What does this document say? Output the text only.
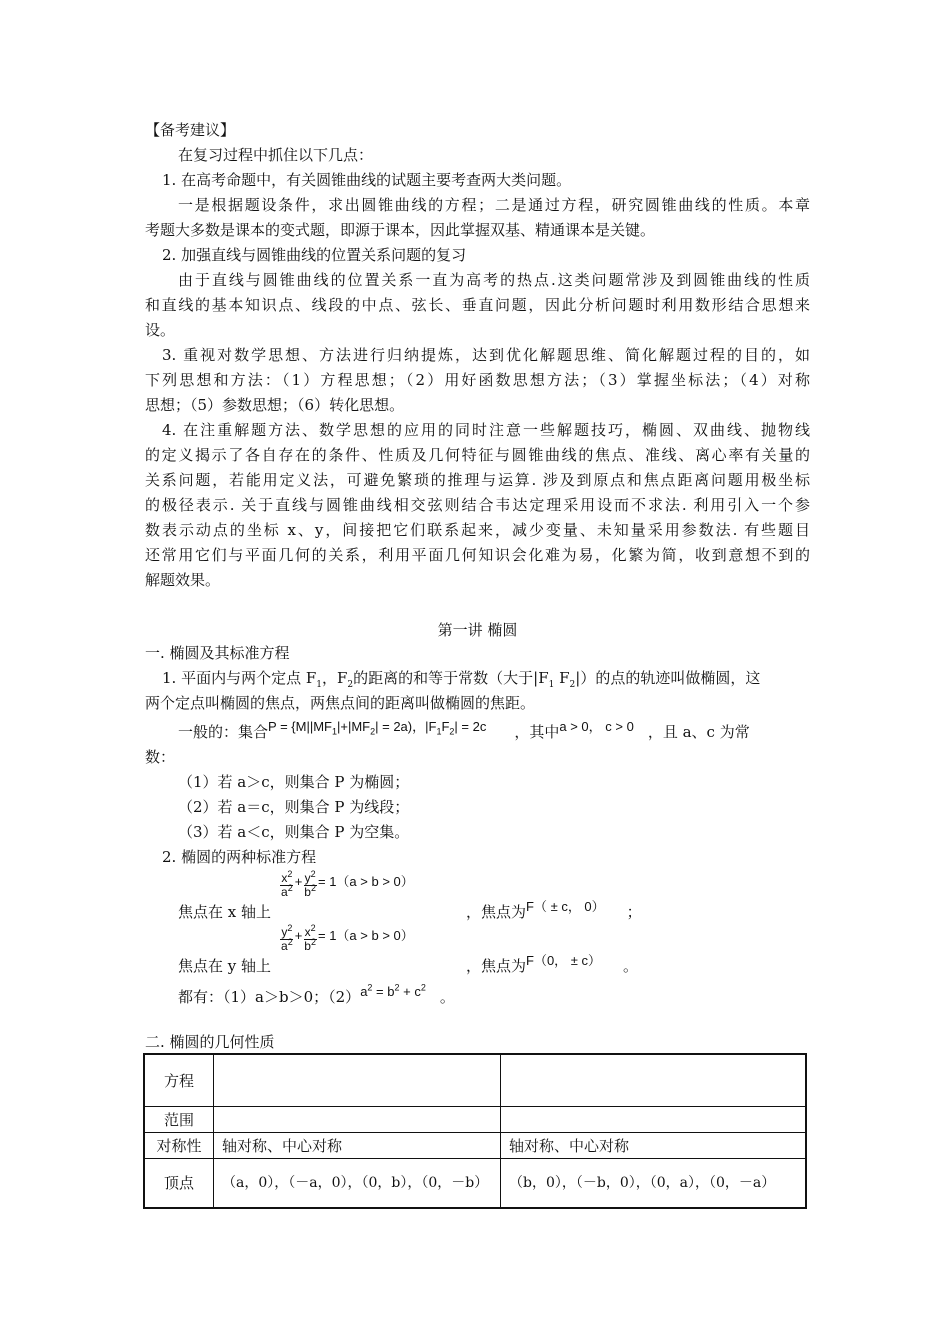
【备考建议】
在复习过程中抓住以下几点：
1. 在高考命题中，有关圆锥曲线的试题主要考查两大类问题。
一是根据题设条件，求出圆锥曲线的方程；二是通过方程，研究圆锥曲线的性质。本章
考题大多数是课本的变式题，即源于课本，因此掌握双基、精通课本是关键。
2. 加强直线与圆锥曲线的位置关系问题的复习
由于直线与圆锥曲线的位置关系一直为高考的热点.这类问题常涉及到圆锥曲线的性质
和直线的基本知识点、线段的中点、弦长、垂直问题，因此分析问题时利用数形结合思想来
设。
3. 重视对数学思想、方法进行归纳提炼，达到优化解题思维、简化解题过程的目的，如
下列思想和方法：（1）方程思想；（2）用好函数思想方法；（3）掌握坐标法；（4）对称
思想；（5）参数思想；（6）转化思想。
4. 在注重解题方法、数学思想的应用的同时注意一些解题技巧，椭圆、双曲线、抛物线
的定义揭示了各自存在的条件、性质及几何特征与圆锥曲线的焦点、准线、离心率有关量的
关系问题，若能用定义法，可避免繁琐的推理与运算. 涉及到原点和焦点距离问题用极坐标
的极径表示. 关于直线与圆锥曲线相交弦则结合韦达定理采用设而不求法. 利用引入一个参
数表示动点的坐标 x、y，间接把它们联系起来，减少变量、未知量采用参数法. 有些题目
还常用它们与平面几何的关系，利用平面几何知识会化难为易，化繁为简，收到意想不到的
解题效果。
第一讲 椭圆
一. 椭圆及其标准方程
1. 平面内与两个定点 $F_1$，$F_2$的距离的和等于常数（大于$|F_1$ $F_2|$）的点的轨迹叫做椭圆，这
两个定点叫椭圆的焦点，两焦点间的距离叫做椭圆的焦距。
一般的：集合$P = \{M||MF_1|+|MF_2| = 2a)$，$|F_1F_2| = 2c$ ，其中a > 0， c > 0 ，且 a、c 为常
数：
（1）若 a＞c，则集合 P 为椭圆；
（2）若 a＝c，则集合 P 为线段；
（3）若 a＜c，则集合 P 为空集。
2. 椭圆的两种标准方程
焦点在 x 轴上
$\frac{x^2}{a^2} ^+ \frac{y^2}{b^2} ^{= 1(a > b > 0)}$
，焦点为F（ ± c， 0） ；
焦点在 y 轴上
$\frac{y^2}{a^2} ^+ \frac{x^2}{b^2} ^{= 1(a > b > 0)}$
，焦点为F（0， ± c） 。
都有：（1）a＞b＞0；$(2)a^2 = b^2 + c^2$。
二. 椭圆的几何性质
方程		
范围		
对称性	轴对称、中心对称	轴对称、中心对称
顶点	（a，0），（－a，0），（0，b），（0，－b）	（b，0），（－b，0），（0，a），（0，－a）
